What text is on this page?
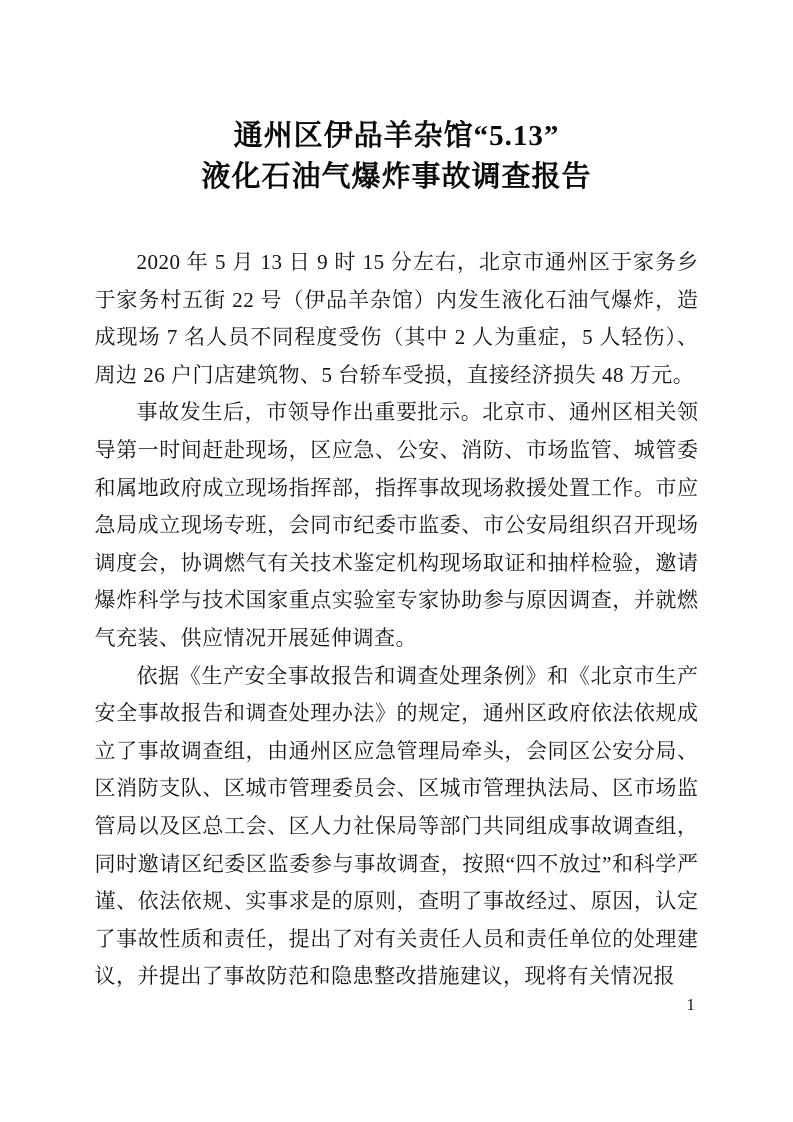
通州区伊品羊杂馆“5.13”
液化石油气爆炸事故调查报告

2020 年 5 月 13 日 9 时 15 分左右，北京市通州区于家务乡于家务村五街 22 号（伊品羊杂馆）内发生液化石油气爆炸，造成现场 7 名人员不同程度受伤（其中 2 人为重症，5 人轻伤）、周边 26 户门店建筑物、5 台轿车受损，直接经济损失 48 万元。

事故发生后，市领导作出重要批示。北京市、通州区相关领导第一时间赶赴现场，区应急、公安、消防、市场监管、城管委和属地政府成立现场指挥部，指挥事故现场救援处置工作。市应急局成立现场专班，会同市纪委市监委、市公安局组织召开现场调度会，协调燃气有关技术鉴定机构现场取证和抽样检验，邀请爆炸科学与技术国家重点实验室专家协助参与原因调查，并就燃气充装、供应情况开展延伸调查。

依据《生产安全事故报告和调查处理条例》和《北京市生产安全事故报告和调查处理办法》的规定，通州区政府依法依规成立了事故调查组，由通州区应急管理局牵头，会同区公安分局、区消防支队、区城市管理委员会、区城市管理执法局、区市场监管局以及区总工会、区人力社保局等部门共同组成事故调查组，同时邀请区纪委区监委参与事故调查，按照“四不放过”和科学严谨、依法依规、实事求是的原则，查明了事故经过、原因，认定了事故性质和责任，提出了对有关责任人员和责任单位的处理建议，并提出了事故防范和隐患整改措施建议，现将有关情况报

1
